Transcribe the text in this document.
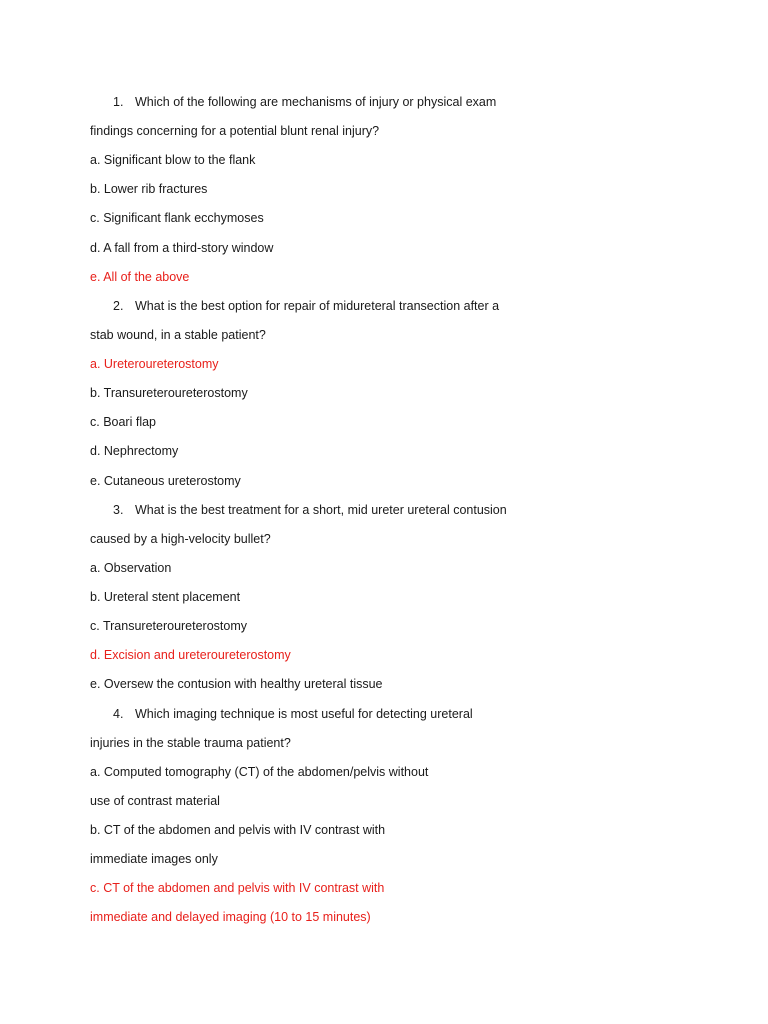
1. Which of the following are mechanisms of injury or physical exam
findings concerning for a potential blunt renal injury?
a. Significant blow to the flank
b. Lower rib fractures
c. Significant flank ecchymoses
d. A fall from a third-story window
e. All of the above
2. What is the best option for repair of midureteral transection after a
stab wound, in a stable patient?
a. Ureteroureterostomy
b. Transureteroureterostomy
c. Boari flap
d. Nephrectomy
e. Cutaneous ureterostomy
3. What is the best treatment for a short, mid ureter ureteral contusion
caused by a high-velocity bullet?
a. Observation
b. Ureteral stent placement
c. Transureteroureterostomy
d. Excision and ureteroureterostomy
e. Oversew the contusion with healthy ureteral tissue
4. Which imaging technique is most useful for detecting ureteral
injuries in the stable trauma patient?
a. Computed tomography (CT) of the abdomen/pelvis without
use of contrast material
b. CT of the abdomen and pelvis with IV contrast with
immediate images only
c. CT of the abdomen and pelvis with IV contrast with
immediate and delayed imaging (10 to 15 minutes)
